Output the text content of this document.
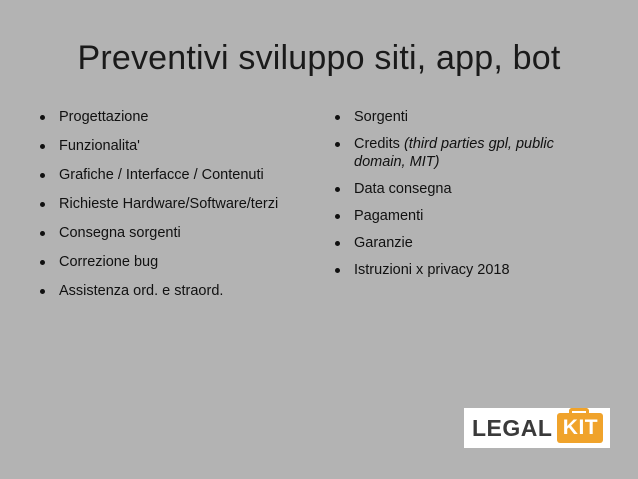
Preventivi sviluppo siti, app, bot
Progettazione
Funzionalita'
Grafiche / Interfacce / Contenuti
Richieste Hardware/Software/terzi
Consegna sorgenti
Correzione bug
Assistenza ord. e straord.
Sorgenti
Credits (third parties gpl, public domain, MIT)
Data consegna
Pagamenti
Garanzie
Istruzioni x privacy 2018
LEGAL KIT
